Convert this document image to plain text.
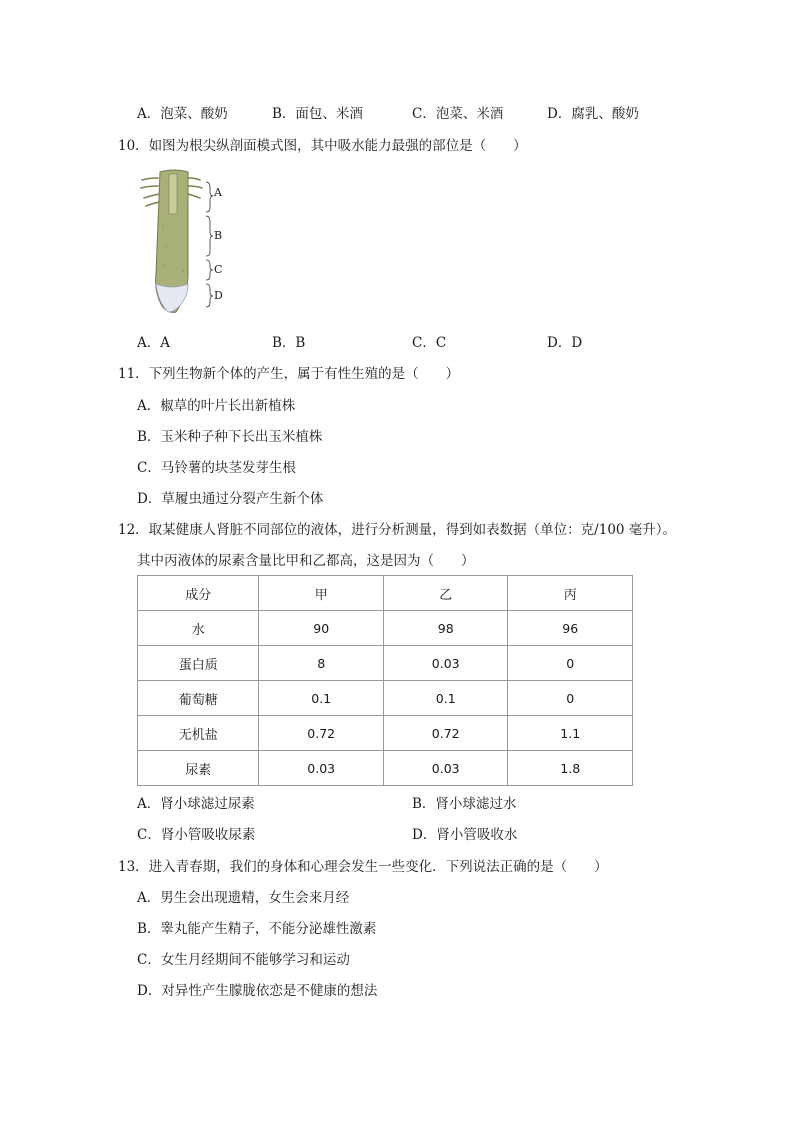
A．泡菜、酸奶	B．面包、米酒	C．泡菜、米酒	D．腐乳、酸奶
10．如图为根尖纵剖面模式图，其中吸水能力最强的部位是（　　）
A
B
C
D
A．A	B．B	C．C	D．D
11．下列生物新个体的产生，属于有性生殖的是（　　）
A．椒草的叶片长出新植株
B．玉米种子种下长出玉米植株
C．马铃薯的块茎发芽生根
D．草履虫通过分裂产生新个体
12．取某健康人肾脏不同部位的液体，进行分析测量，得到如表数据（单位：克/100 毫升）。
其中丙液体的尿素含量比甲和乙都高，这是因为（　　）
成分	甲	乙	丙
水	90	98	96
蛋白质	8	0.03	0
葡萄糖	0.1	0.1	0
无机盐	0.72	0.72	1.1
尿素	0.03	0.03	1.8
A．肾小球滤过尿素	B．肾小球滤过水
C．肾小管吸收尿素	D．肾小管吸收水
13．进入青春期，我们的身体和心理会发生一些变化．下列说法正确的是（　　）
A．男生会出现遗精，女生会来月经
B．睾丸能产生精子，不能分泌雄性激素
C．女生月经期间不能够学习和运动
D．对异性产生朦胧依恋是不健康的想法
